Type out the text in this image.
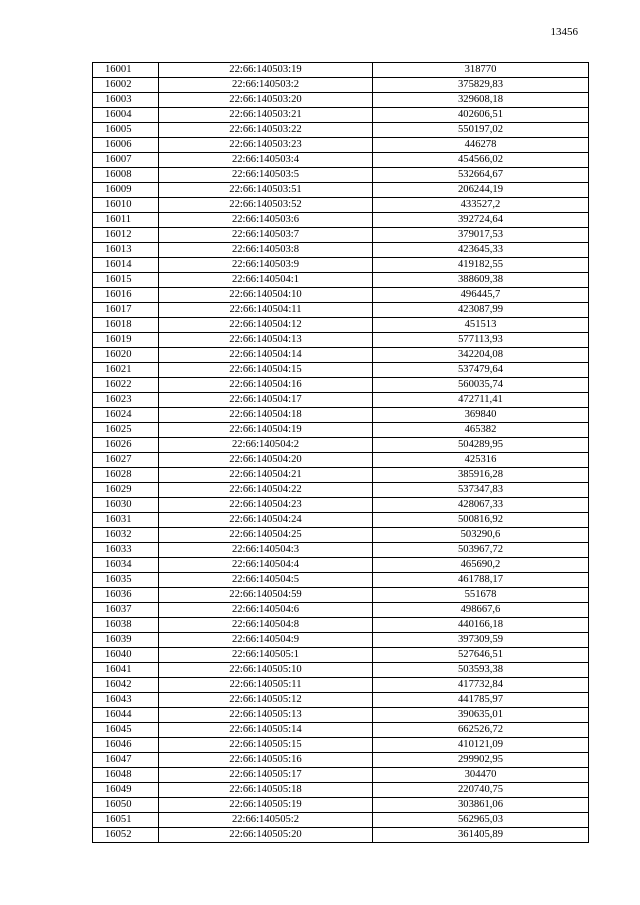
13456
16001	22:66:140503:19	318770
16002	22:66:140503:2	375829,83
16003	22:66:140503:20	329608,18
16004	22:66:140503:21	402606,51
16005	22:66:140503:22	550197,02
16006	22:66:140503:23	446278
16007	22:66:140503:4	454566,02
16008	22:66:140503:5	532664,67
16009	22:66:140503:51	206244,19
16010	22:66:140503:52	433527,2
16011	22:66:140503:6	392724,64
16012	22:66:140503:7	379017,53
16013	22:66:140503:8	423645,33
16014	22:66:140503:9	419182,55
16015	22:66:140504:1	388609,38
16016	22:66:140504:10	496445,7
16017	22:66:140504:11	423087,99
16018	22:66:140504:12	451513
16019	22:66:140504:13	577113,93
16020	22:66:140504:14	342204,08
16021	22:66:140504:15	537479,64
16022	22:66:140504:16	560035,74
16023	22:66:140504:17	472711,41
16024	22:66:140504:18	369840
16025	22:66:140504:19	465382
16026	22:66:140504:2	504289,95
16027	22:66:140504:20	425316
16028	22:66:140504:21	385916,28
16029	22:66:140504:22	537347,83
16030	22:66:140504:23	428067,33
16031	22:66:140504:24	500816,92
16032	22:66:140504:25	503290,6
16033	22:66:140504:3	503967,72
16034	22:66:140504:4	465690,2
16035	22:66:140504:5	461788,17
16036	22:66:140504:59	551678
16037	22:66:140504:6	498667,6
16038	22:66:140504:8	440166,18
16039	22:66:140504:9	397309,59
16040	22:66:140505:1	527646,51
16041	22:66:140505:10	503593,38
16042	22:66:140505:11	417732,84
16043	22:66:140505:12	441785,97
16044	22:66:140505:13	390635,01
16045	22:66:140505:14	662526,72
16046	22:66:140505:15	410121,09
16047	22:66:140505:16	299902,95
16048	22:66:140505:17	304470
16049	22:66:140505:18	220740,75
16050	22:66:140505:19	303861,06
16051	22:66:140505:2	562965,03
16052	22:66:140505:20	361405,89
